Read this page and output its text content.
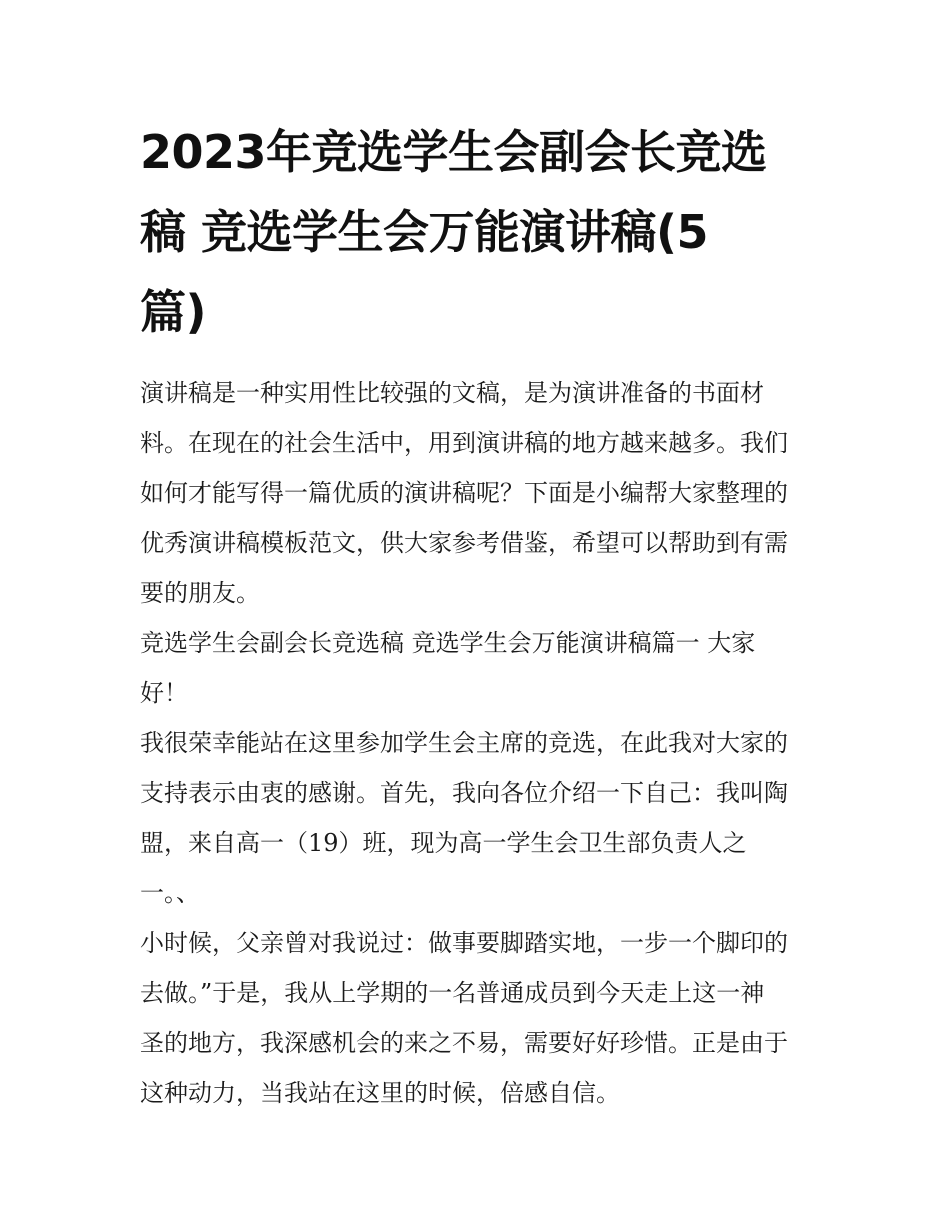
2023年竞选学生会副会长竞选
稿 竞选学生会万能演讲稿(5
篇)
演讲稿是一种实用性比较强的文稿，是为演讲准备的书面材
料。在现在的社会生活中，用到演讲稿的地方越来越多。我们
如何才能写得一篇优质的演讲稿呢？下面是小编帮大家整理的
优秀演讲稿模板范文，供大家参考借鉴，希望可以帮助到有需
要的朋友。
竞选学生会副会长竞选稿 竞选学生会万能演讲稿篇一 大家
好！
我很荣幸能站在这里参加学生会主席的竞选，在此我对大家的
支持表示由衷的感谢。首先，我向各位介绍一下自己：我叫陶
盟，来自高一（19）班，现为高一学生会卫生部负责人之
一。、
小时候，父亲曾对我说过：做事要脚踏实地，一步一个脚印的
去做。”于是，我从上学期的一名普通成员到今天走上这一神
圣的地方，我深感机会的来之不易，需要好好珍惜。正是由于
这种动力，当我站在这里的时候，倍感自信。
